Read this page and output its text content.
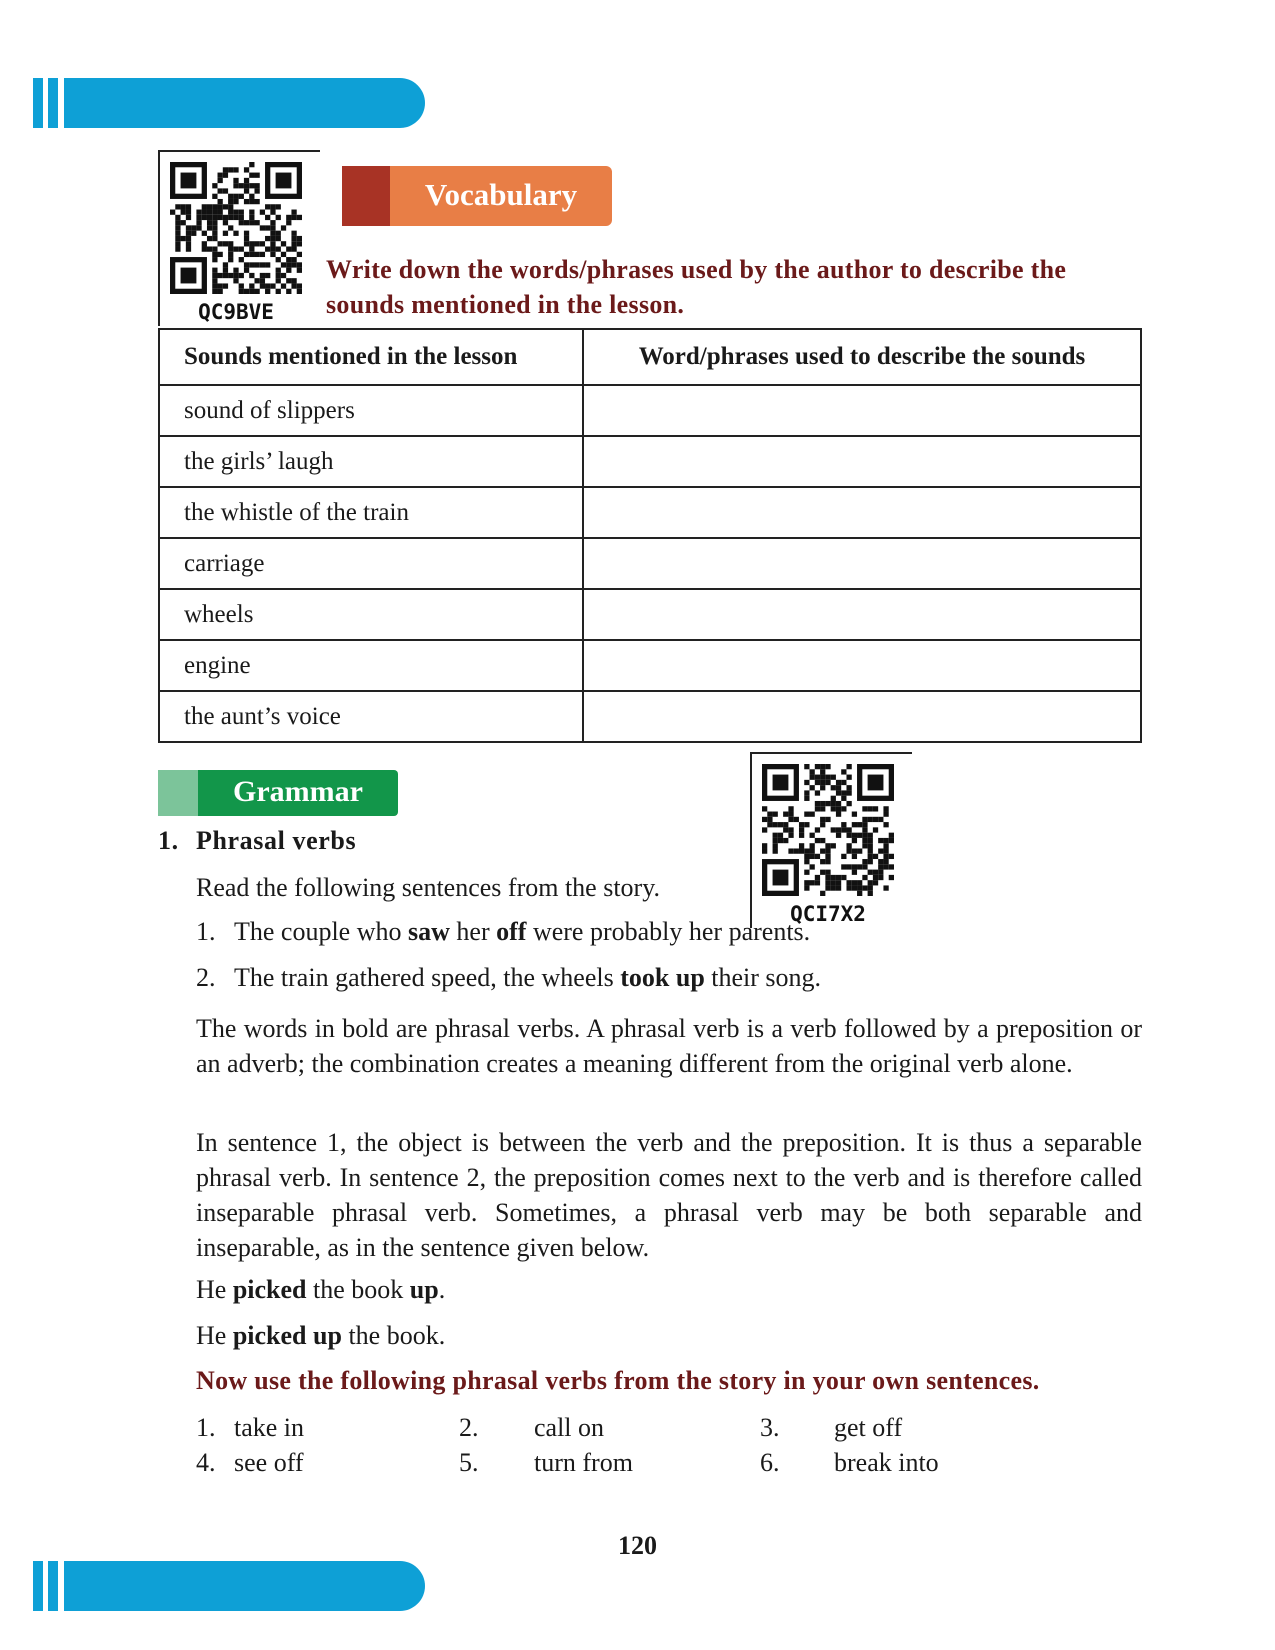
QC9BVE
Vocabulary
Write down the words/phrases used by the author to describe the
sounds mentioned in the lesson.
Sounds mentioned in the lesson	Word/phrases used to describe the sounds
sound of slippers	
the girls’ laugh	
the whistle of the train	
carriage	
wheels	
engine	
the aunt’s voice	
Grammar
QCI7X2
1. Phrasal verbs
Read the following sentences from the story.
1. The couple who saw her off were probably her parents.
2. The train gathered speed, the wheels took up their song.
The words in bold are phrasal verbs. A phrasal verb is a verb followed by a preposition or an adverb; the combination creates a meaning different from the original verb alone.
In sentence 1, the object is between the verb and the preposition. It is thus a separable phrasal verb. In sentence 2, the preposition comes next to the verb and is therefore called inseparable phrasal verb. Sometimes, a phrasal verb may be both separable and inseparable, as in the sentence given below.
He picked the book up.
He picked up the book.
Now use the following phrasal verbs from the story in your own sentences.
1. take in	2. call on	3. get off
4. see off	5. turn from	6. break into
120
